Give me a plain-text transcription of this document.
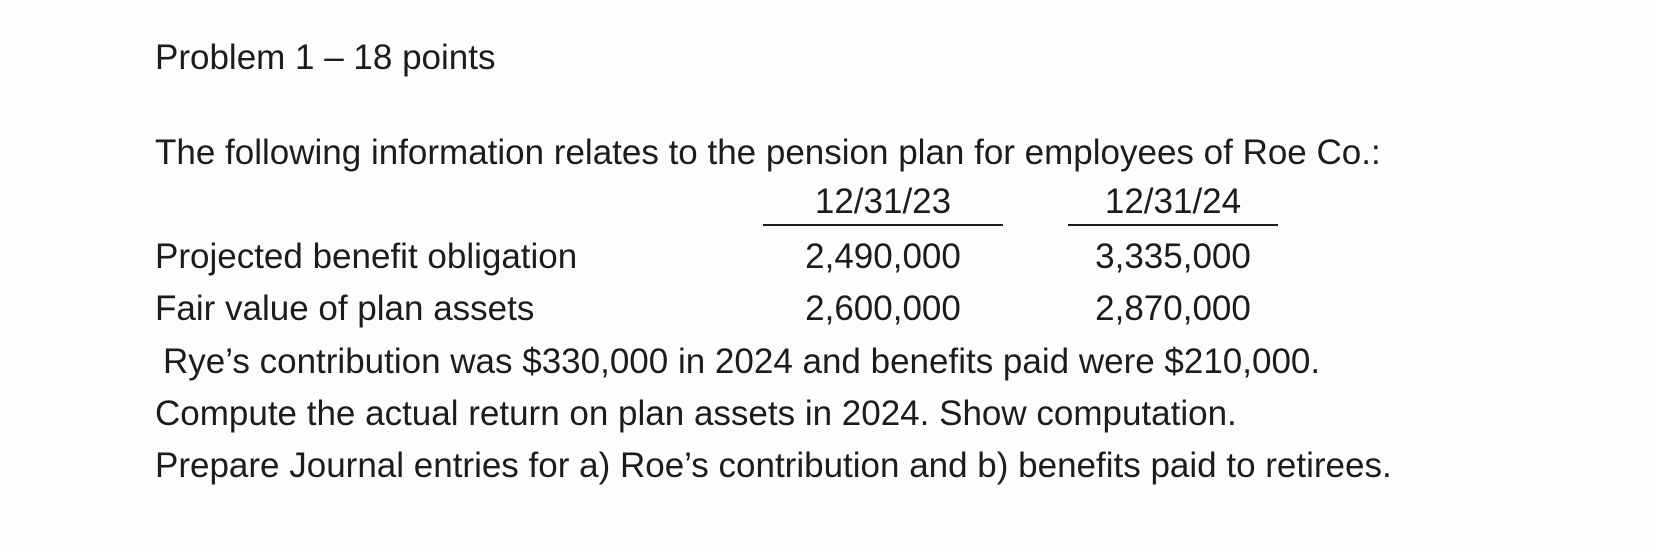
Problem 1 – 18 points
The following information relates to the pension plan for employees of Roe Co.:
12/31/23	12/31/24
Projected benefit obligation	2,490,000	3,335,000
Fair value of plan assets	2,600,000	2,870,000
Rye’s contribution was $330,000 in 2024 and benefits paid were $210,000.
Compute the actual return on plan assets in 2024. Show computation.
Prepare Journal entries for a) Roe’s contribution and b) benefits paid to retirees.
